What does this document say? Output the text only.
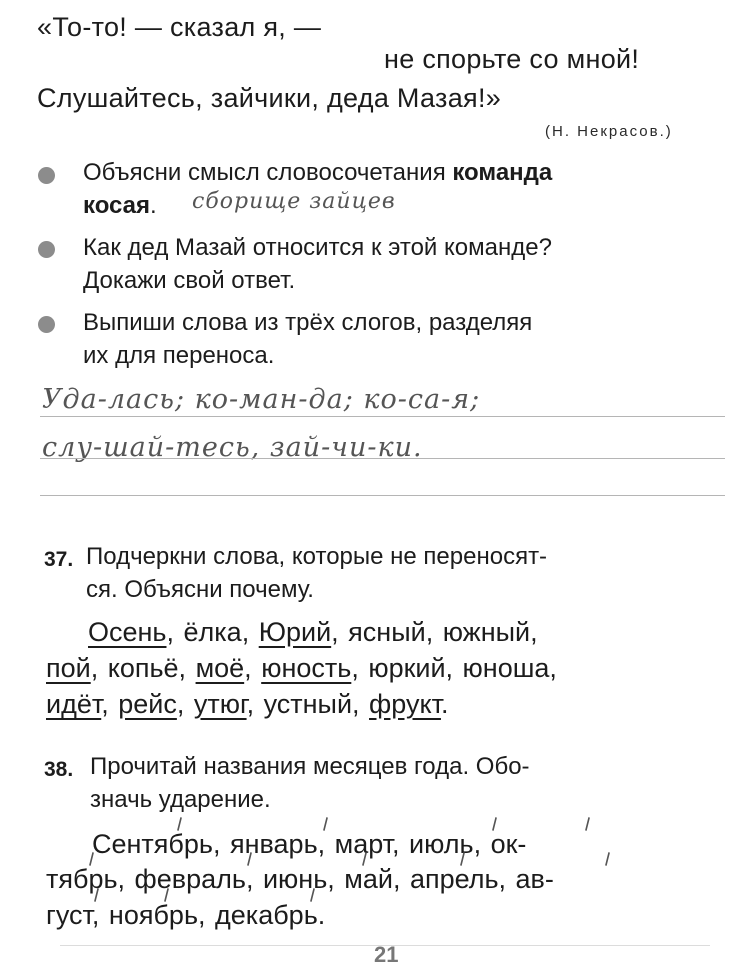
«То-то! — сказал я, —
не спорьте со мной!
Слушайтесь, зайчики, деда Мазая!»
(Н. Некрасов.)
Объясни смысл словосочетания команда
косая.	сборище зайцев
Как дед Мазай относится к этой команде?
Докажи свой ответ.
Выпиши слова из трёх слогов, разделяя
их для переноса.
Уда-лась; ко-ман-да; ко-са-я;
слу-шай-тесь, зай-чи-ки.
37. Подчеркни слова, которые не переносят-
ся. Объясни почему.
Осень, ёлка, Юрий, ясный, южный,
пой, копьё, моё, юность, юркий, юноша,
идёт, рейс, утюг, устный, фрукт.
38. Прочитай названия месяцев года. Обо-
значь ударение.
Сентябрь, январь, март, июль, ок-
тябрь, февраль, июнь, май, апрель, ав-
густ, ноябрь, декабрь.
21
